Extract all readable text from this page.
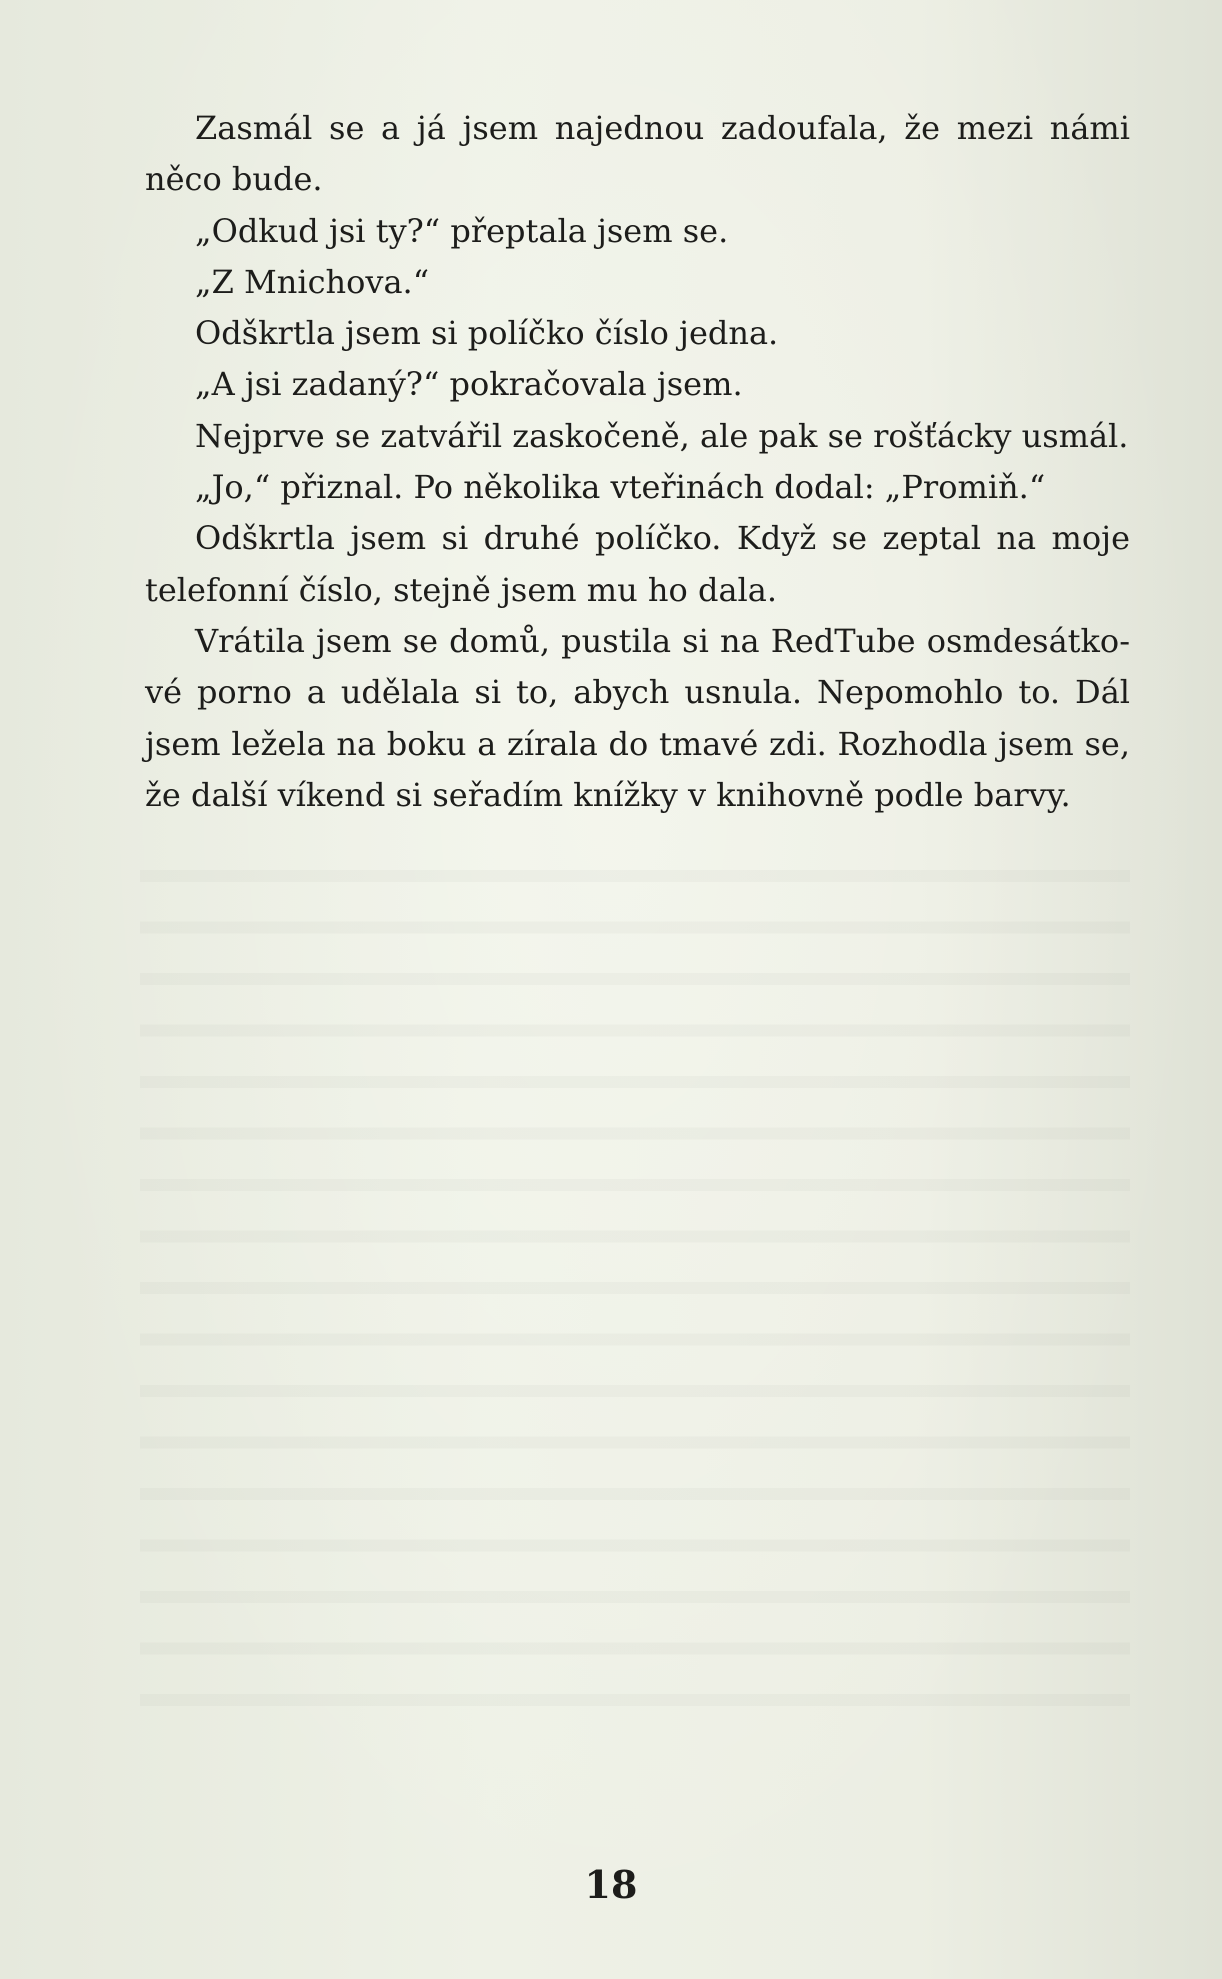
Zasmál se a já jsem najednou zadoufala, že mezi námi něco bude.

„Odkud jsi ty?“ přeptala jsem se.

„Z Mnichova.“

Odškrtla jsem si políčko číslo jedna.

„A jsi zadaný?“ pokračovala jsem.

Nejprve se zatvářil zaskočeně, ale pak se rošťácky usmál.

„Jo,“ přiznal. Po několika vteřinách dodal: „Promiň.“

Odškrtla jsem si druhé políčko. Když se zeptal na moje telefonní číslo, stejně jsem mu ho dala.

Vrátila jsem se domů, pustila si na RedTube osmdesátkové porno a udělala si to, abych usnula. Nepomohlo to. Dál jsem ležela na boku a zírala do tmavé zdi. Rozhodla jsem se, že další víkend si seřadím knížky v knihovně podle barvy.

18
